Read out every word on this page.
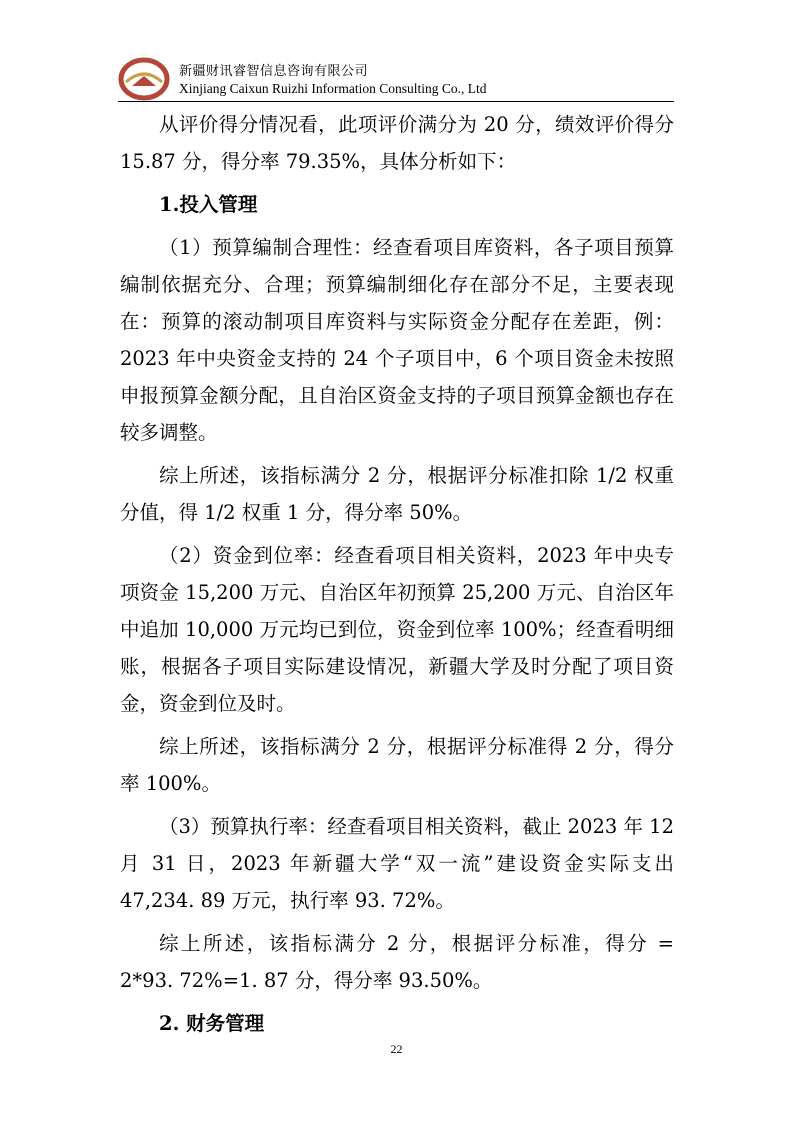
新疆财讯睿智信息咨询有限公司
Xinjiang Caixun Ruizhi Information Consulting Co., Ltd

从评价得分情况看，此项评价满分为 20 分，绩效评价得分 15.87 分，得分率 79.35%，具体分析如下：

1.投入管理

（1）预算编制合理性：经查看项目库资料，各子项目预算编制依据充分、合理；预算编制细化存在部分不足，主要表现在：预算的滚动制项目库资料与实际资金分配存在差距，例：2023 年中央资金支持的 24 个子项目中，6 个项目资金未按照申报预算金额分配，且自治区资金支持的子项目预算金额也存在较多调整。

综上所述，该指标满分 2 分，根据评分标准扣除 1/2 权重分值，得 1/2 权重 1 分，得分率 50%。

（2）资金到位率：经查看项目相关资料，2023 年中央专项资金 15,200 万元、自治区年初预算 25,200 万元、自治区年中追加 10,000 万元均已到位，资金到位率 100%；经查看明细账，根据各子项目实际建设情况，新疆大学及时分配了项目资金，资金到位及时。

综上所述，该指标满分 2 分，根据评分标准得 2 分，得分率 100%。

（3）预算执行率：经查看项目相关资料，截止 2023 年 12 月 31 日，2023 年新疆大学“双一流”建设资金实际支出 47,234. 89 万元，执行率 93. 72%。

综上所述，该指标满分 2 分，根据评分标准，得分 = 2*93. 72%=1. 87 分，得分率 93.50%。

2. 财务管理

22
